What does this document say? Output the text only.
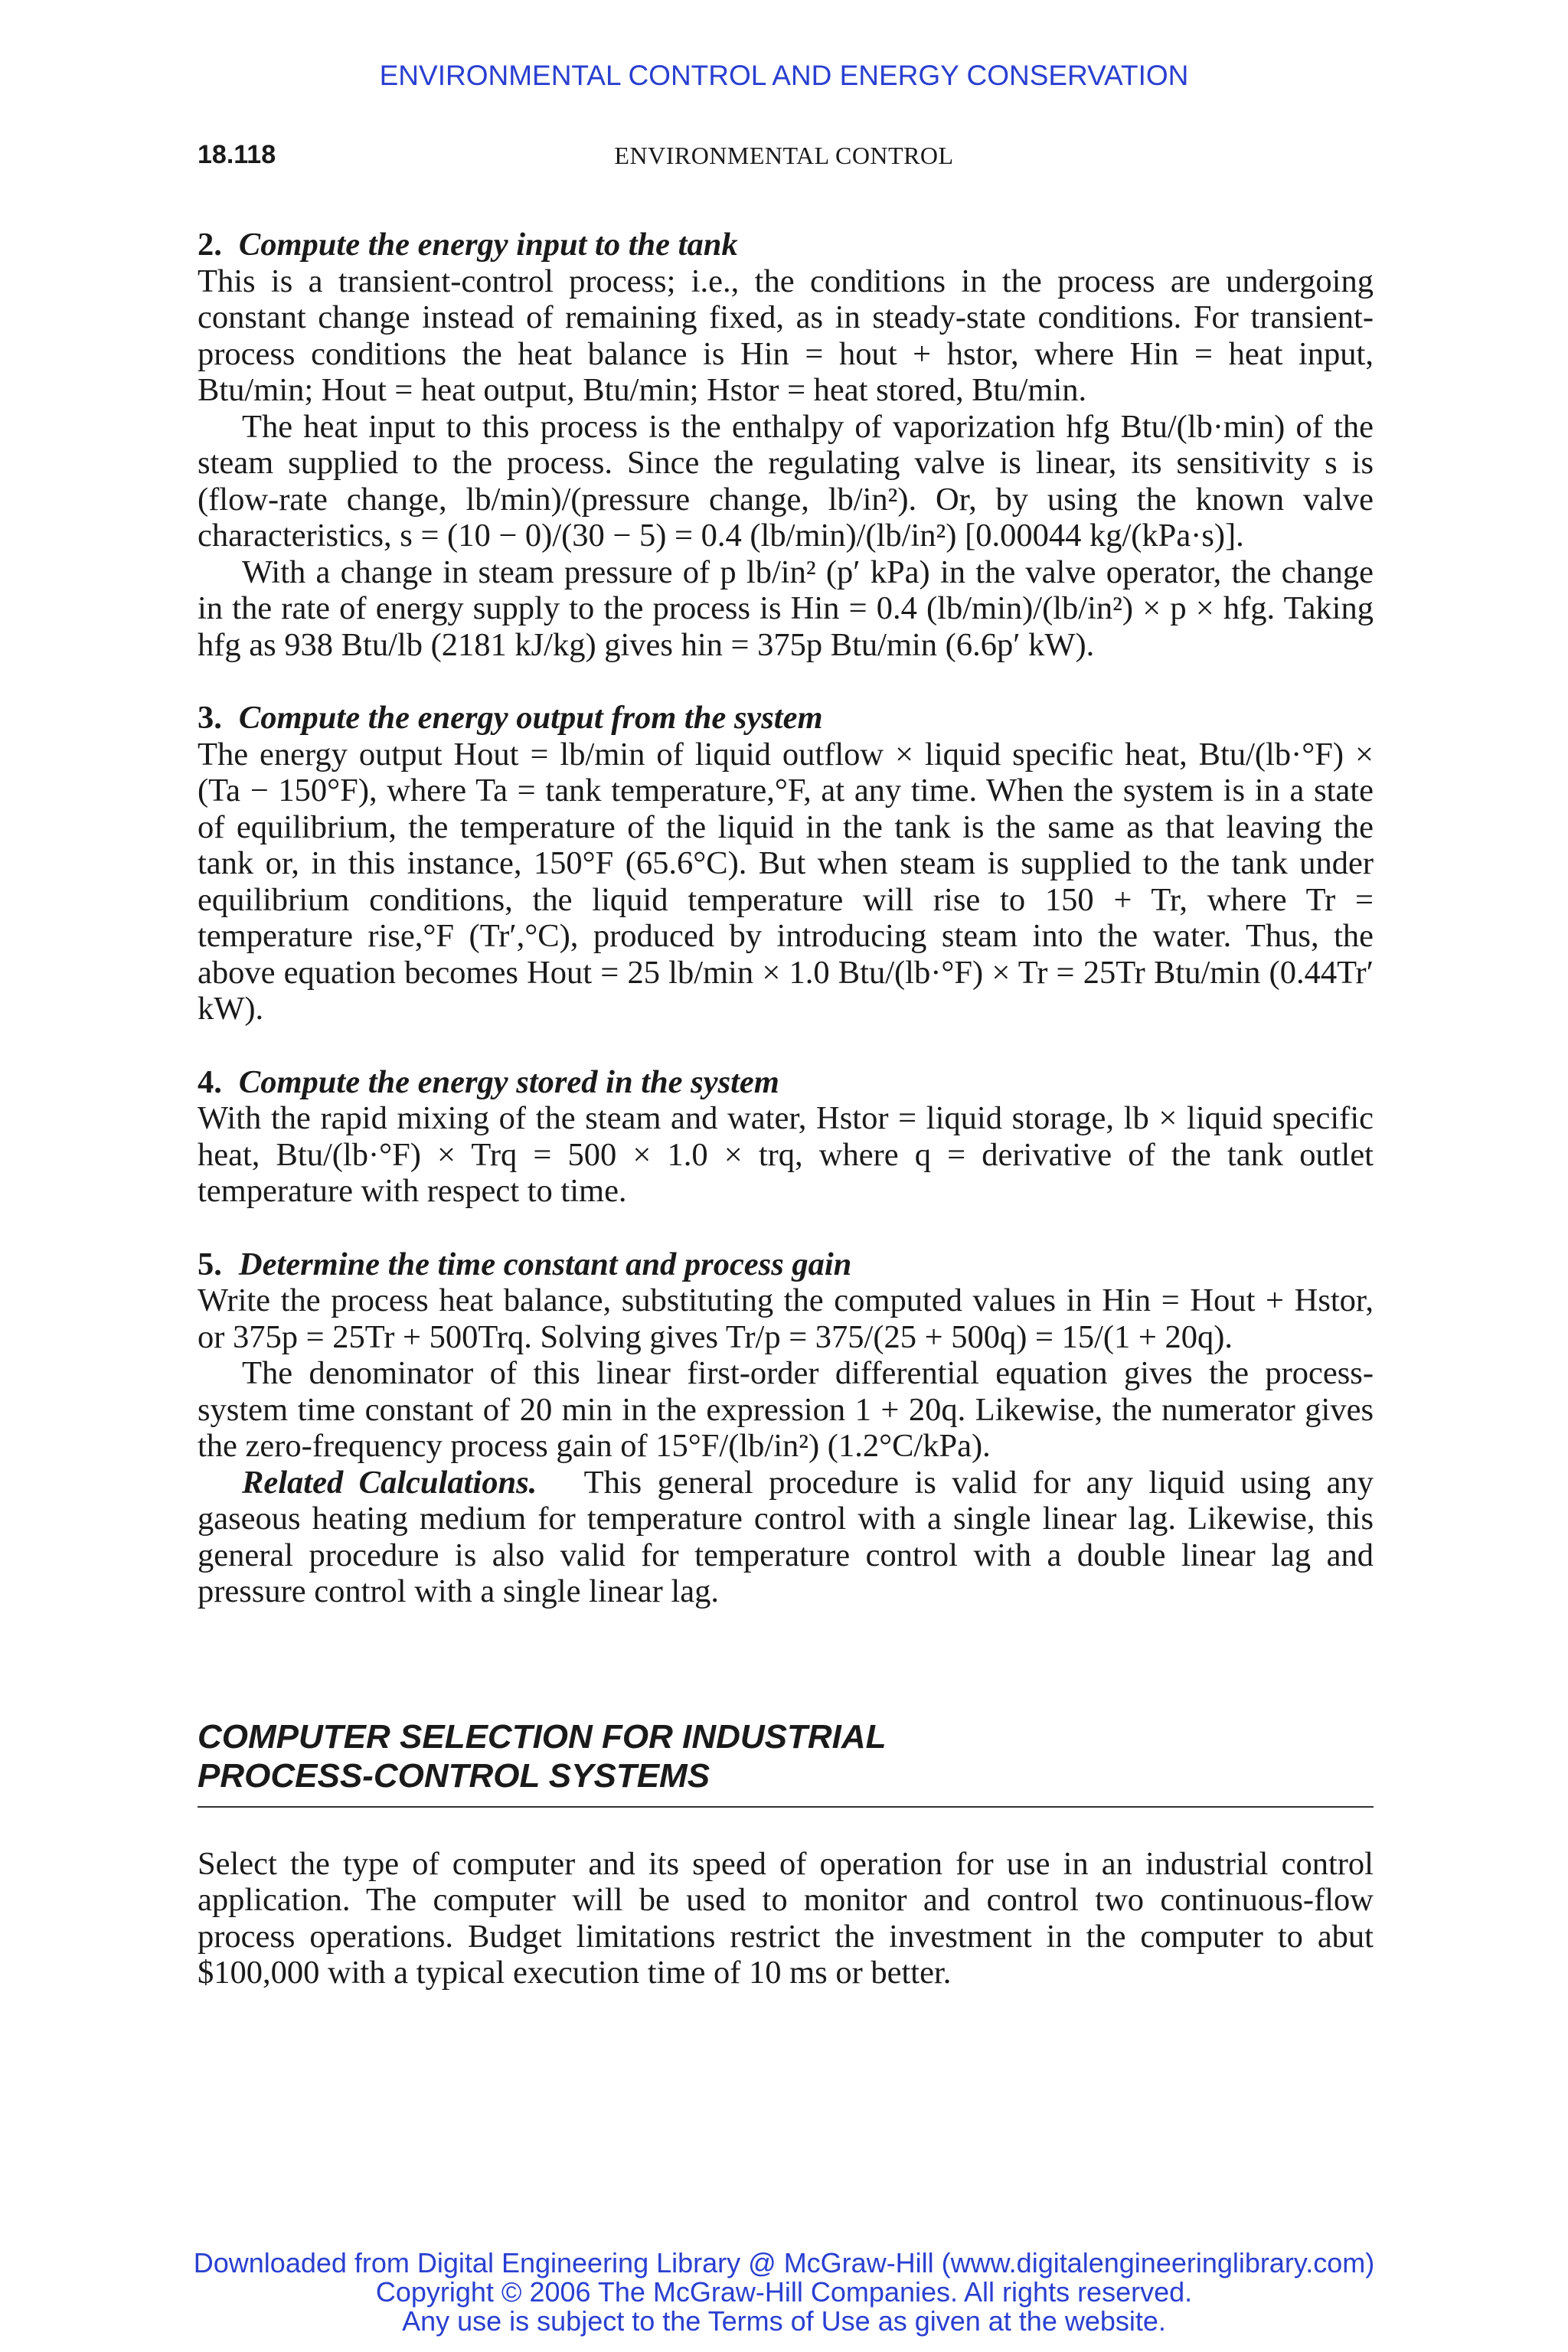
ENVIRONMENTAL CONTROL AND ENERGY CONSERVATION
18.118	ENVIRONMENTAL CONTROL
2. Compute the energy input to the tank

This is a transient-control process; i.e., the conditions in the process are undergoing constant change instead of remaining fixed, as in steady-state conditions. For transient-process conditions the heat balance is Hin = hout + hstor, where Hin = heat input, Btu/min; Hout = heat output, Btu/min; Hstor = heat stored, Btu/min.

The heat input to this process is the enthalpy of vaporization hfg Btu/(lb·min) of the steam supplied to the process. Since the regulating valve is linear, its sensitivity s is (flow-rate change, lb/min)/(pressure change, lb/in²). Or, by using the known valve characteristics, s = (10 − 0)/(30 − 5) = 0.4 (lb/min)/(lb/in²) [0.00044 kg/(kPa·s)].

With a change in steam pressure of p lb/in² (p′ kPa) in the valve operator, the change in the rate of energy supply to the process is Hin = 0.4 (lb/min)/(lb/in²) × p × hfg. Taking hfg as 938 Btu/lb (2181 kJ/kg) gives hin = 375p Btu/min (6.6p′ kW).

3. Compute the energy output from the system

The energy output Hout = lb/min of liquid outflow × liquid specific heat, Btu/(lb·°F) × (Ta − 150°F), where Ta = tank temperature,°F, at any time. When the system is in a state of equilibrium, the temperature of the liquid in the tank is the same as that leaving the tank or, in this instance, 150°F (65.6°C). But when steam is supplied to the tank under equilibrium conditions, the liquid temperature will rise to 150 + Tr, where Tr = temperature rise,°F (Tr′,°C), produced by introducing steam into the water. Thus, the above equation becomes Hout = 25 lb/min × 1.0 Btu/(lb·°F) × Tr = 25Tr Btu/min (0.44Tr′ kW).

4. Compute the energy stored in the system

With the rapid mixing of the steam and water, Hstor = liquid storage, lb × liquid specific heat, Btu/(lb·°F) × Trq = 500 × 1.0 × trq, where q = derivative of the tank outlet temperature with respect to time.

5. Determine the time constant and process gain

Write the process heat balance, substituting the computed values in Hin = Hout + Hstor, or 375p = 25Tr + 500Trq. Solving gives Tr/p = 375/(25 + 500q) = 15/(1 + 20q).

The denominator of this linear first-order differential equation gives the process-system time constant of 20 min in the expression 1 + 20q. Likewise, the numerator gives the zero-frequency process gain of 15°F/(lb/in²) (1.2°C/kPa).

Related Calculations. This general procedure is valid for any liquid using any gaseous heating medium for temperature control with a single linear lag. Likewise, this general procedure is also valid for temperature control with a double linear lag and pressure control with a single linear lag.

COMPUTER SELECTION FOR INDUSTRIAL
PROCESS-CONTROL SYSTEMS

Select the type of computer and its speed of operation for use in an industrial control application. The computer will be used to monitor and control two continuous-flow process operations. Budget limitations restrict the investment in the computer to abut $100,000 with a typical execution time of 10 ms or better.

Downloaded from Digital Engineering Library @ McGraw-Hill (www.digitalengineeringlibrary.com)
Copyright © 2006 The McGraw-Hill Companies. All rights reserved.
Any use is subject to the Terms of Use as given at the website.
